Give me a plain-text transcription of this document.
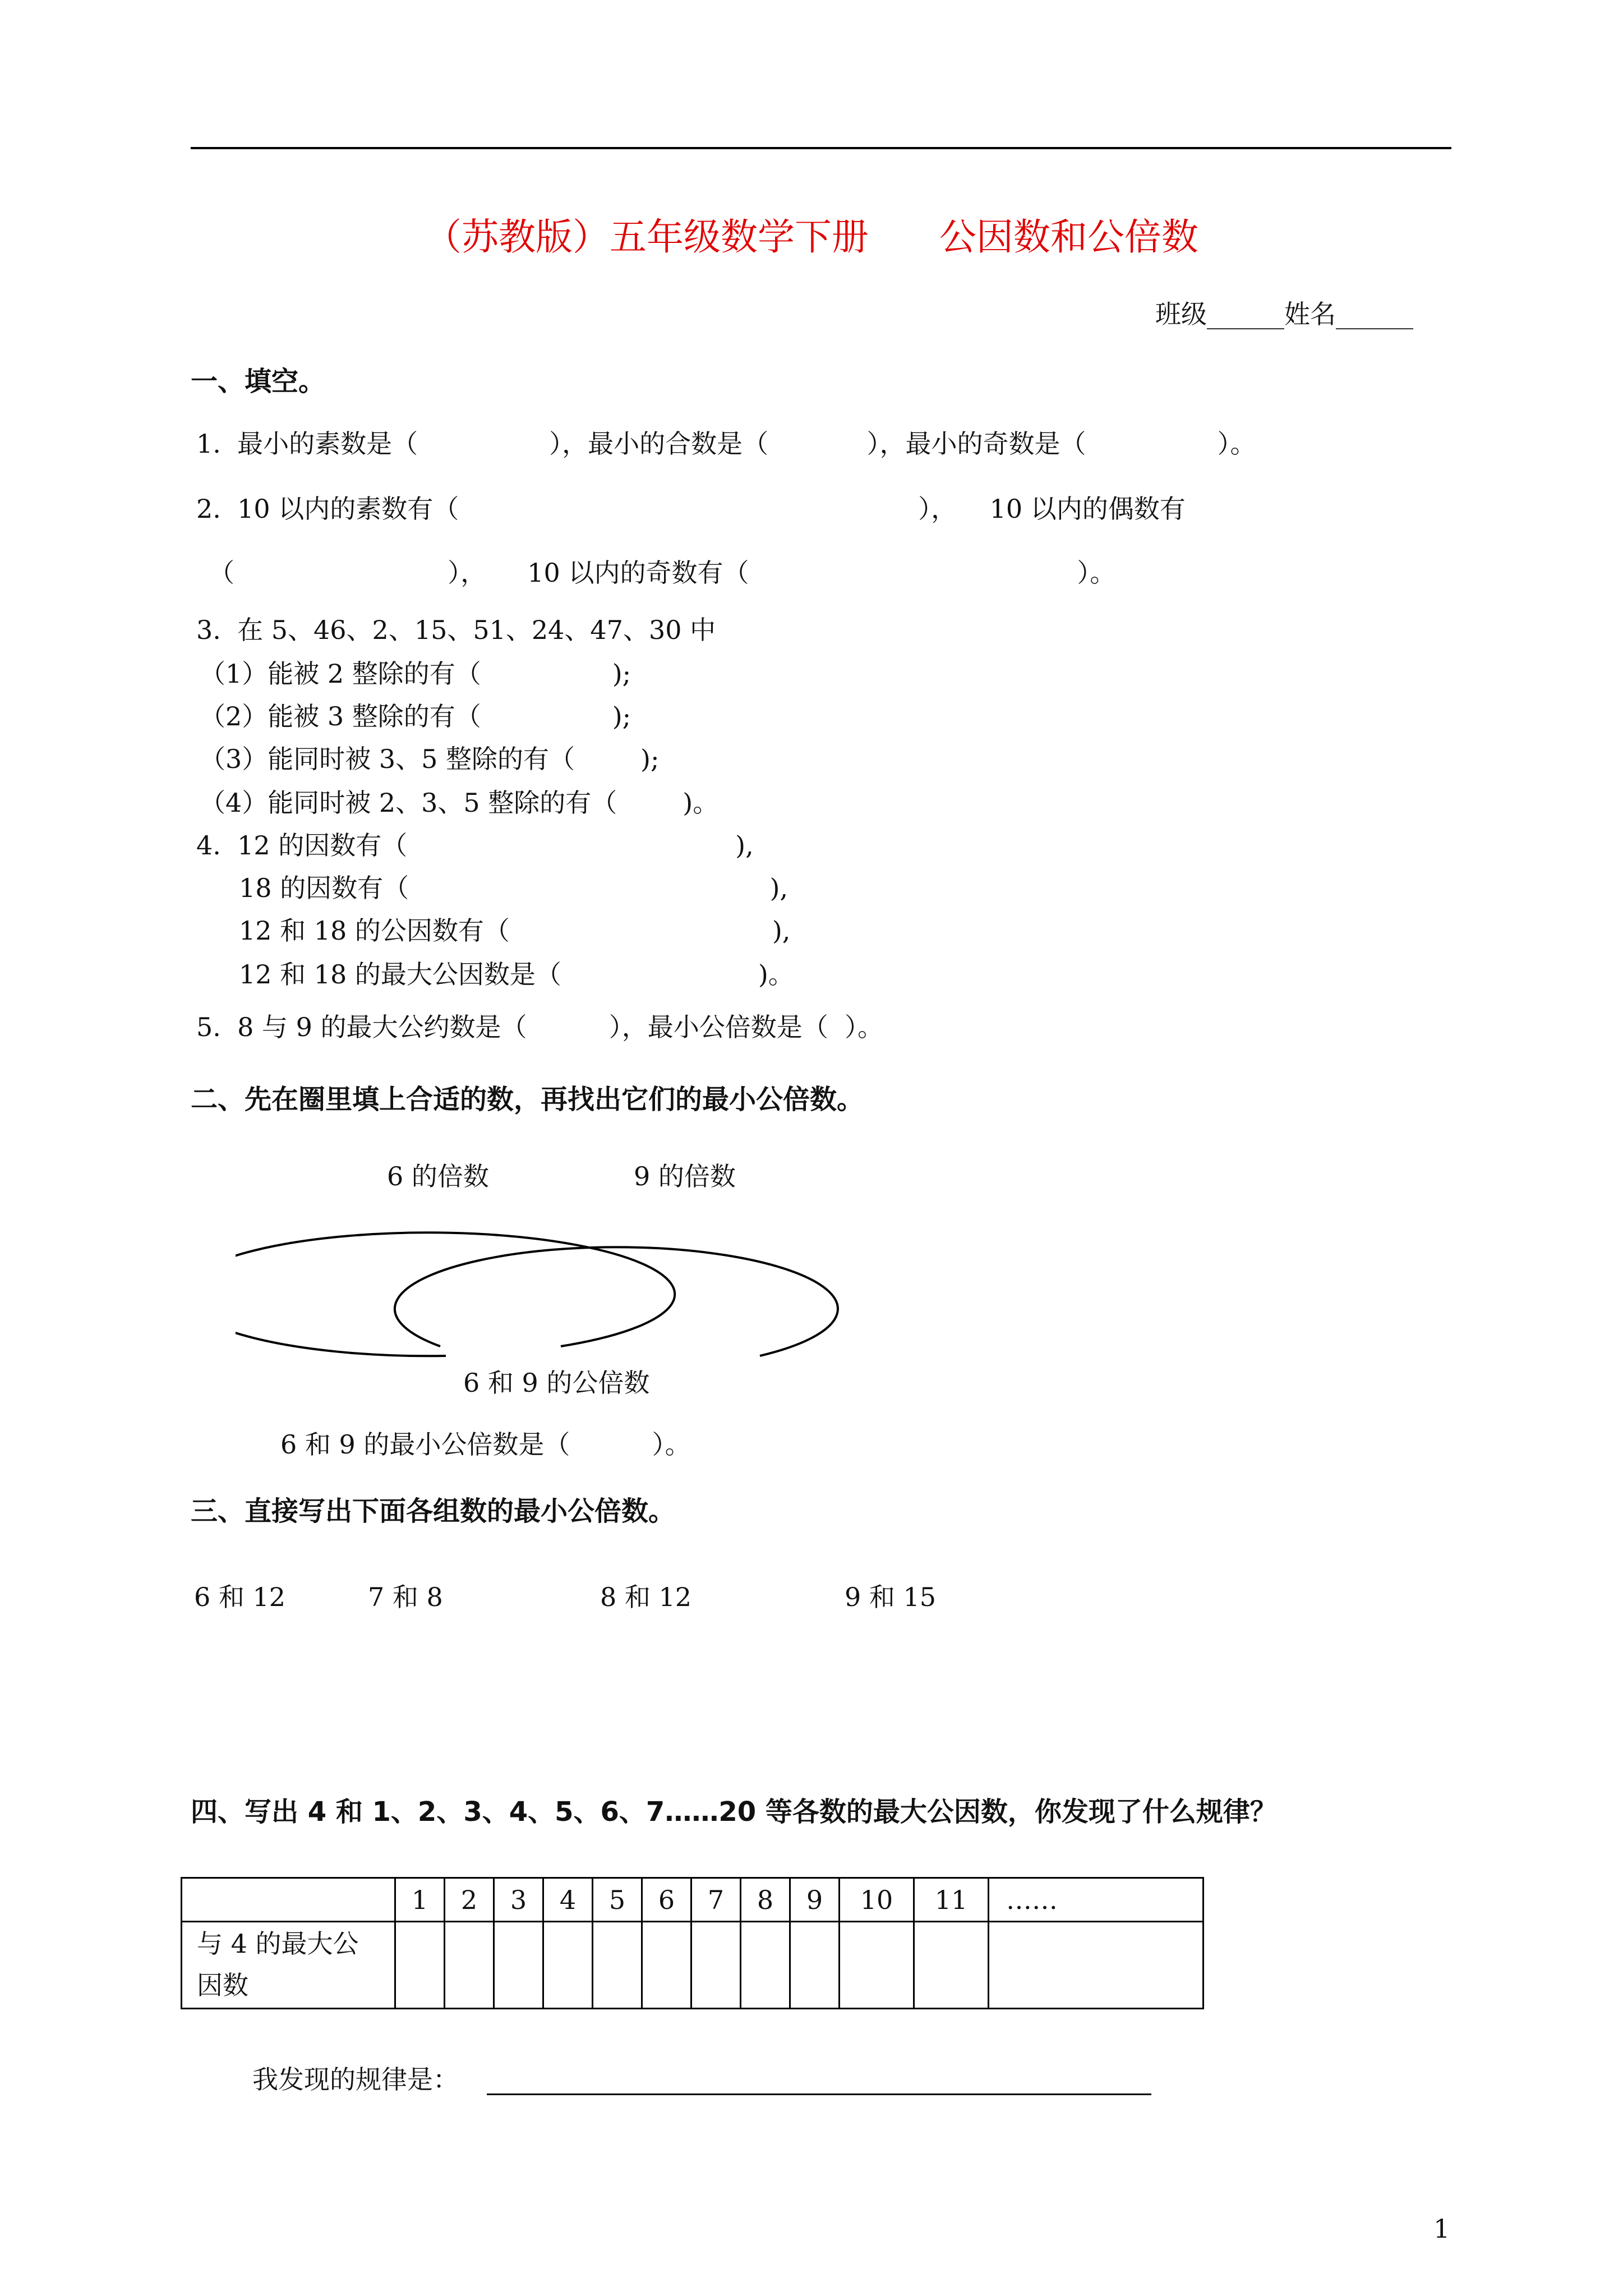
（苏教版）五年级数学下册      公因数和公倍数
班级______姓名______
一、填空。
1.  最小的素数是（                ），最小的合数是（            ），最小的奇数是（                ）。
2.  10 以内的素数有（                                                        ），    10 以内的偶数有
（                          ），     10 以内的奇数有（                                        ）。
3.  在 5、46、2、15、51、24、47、30 中
（1）能被 2 整除的有（                );
（2）能被 3 整除的有（                );
（3）能同时被 3、5 整除的有（        );
（4）能同时被 2、3、5 整除的有（        )。
4.  12 的因数有（                                        ),
18 的因数有（                                            ),
12 和 18 的公因数有（                                ),
12 和 18 的最大公因数是（                        )。
5.  8 与 9 的最大公约数是（          ），最小公倍数是（  ）。
二、先在圈里填上合适的数，再找出它们的最小公倍数。
6 的倍数	9 的倍数
6 和 9 的公倍数
6 和 9 的最小公倍数是（          ）。
三、直接写出下面各组数的最小公倍数。
6 和 12	7 和 8	8 和 12	9 和 15
四、写出 4 和 1、2、3、4、5、6、7……20 等各数的最大公因数，你发现了什么规律？
	1	2	3	4	5	6	7	8	9	10	11	……
与 4 的最大公
因数												
我发现的规律是：
1
